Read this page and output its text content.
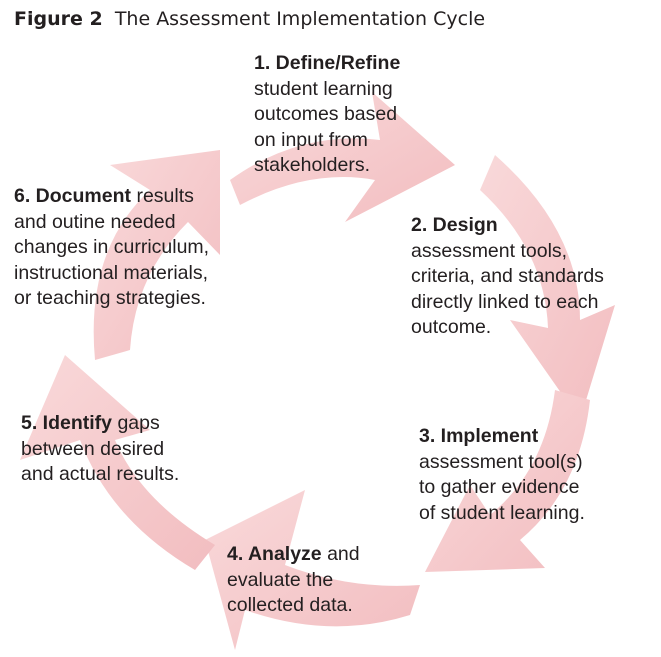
Figure 2 The Assessment Implementation Cycle
1. Define/Refine
student learning
outcomes based
on input from
stakeholders.
2. Design
assessment tools,
criteria, and standards
directly linked to each
outcome.
3. Implement
assessment tool(s)
to gather evidence
of student learning.
4. Analyze and
evaluate the
collected data.
5. Identify gaps
between desired
and actual results.
6. Document results
and outine needed
changes in curriculum,
instructional materials,
or teaching strategies.
